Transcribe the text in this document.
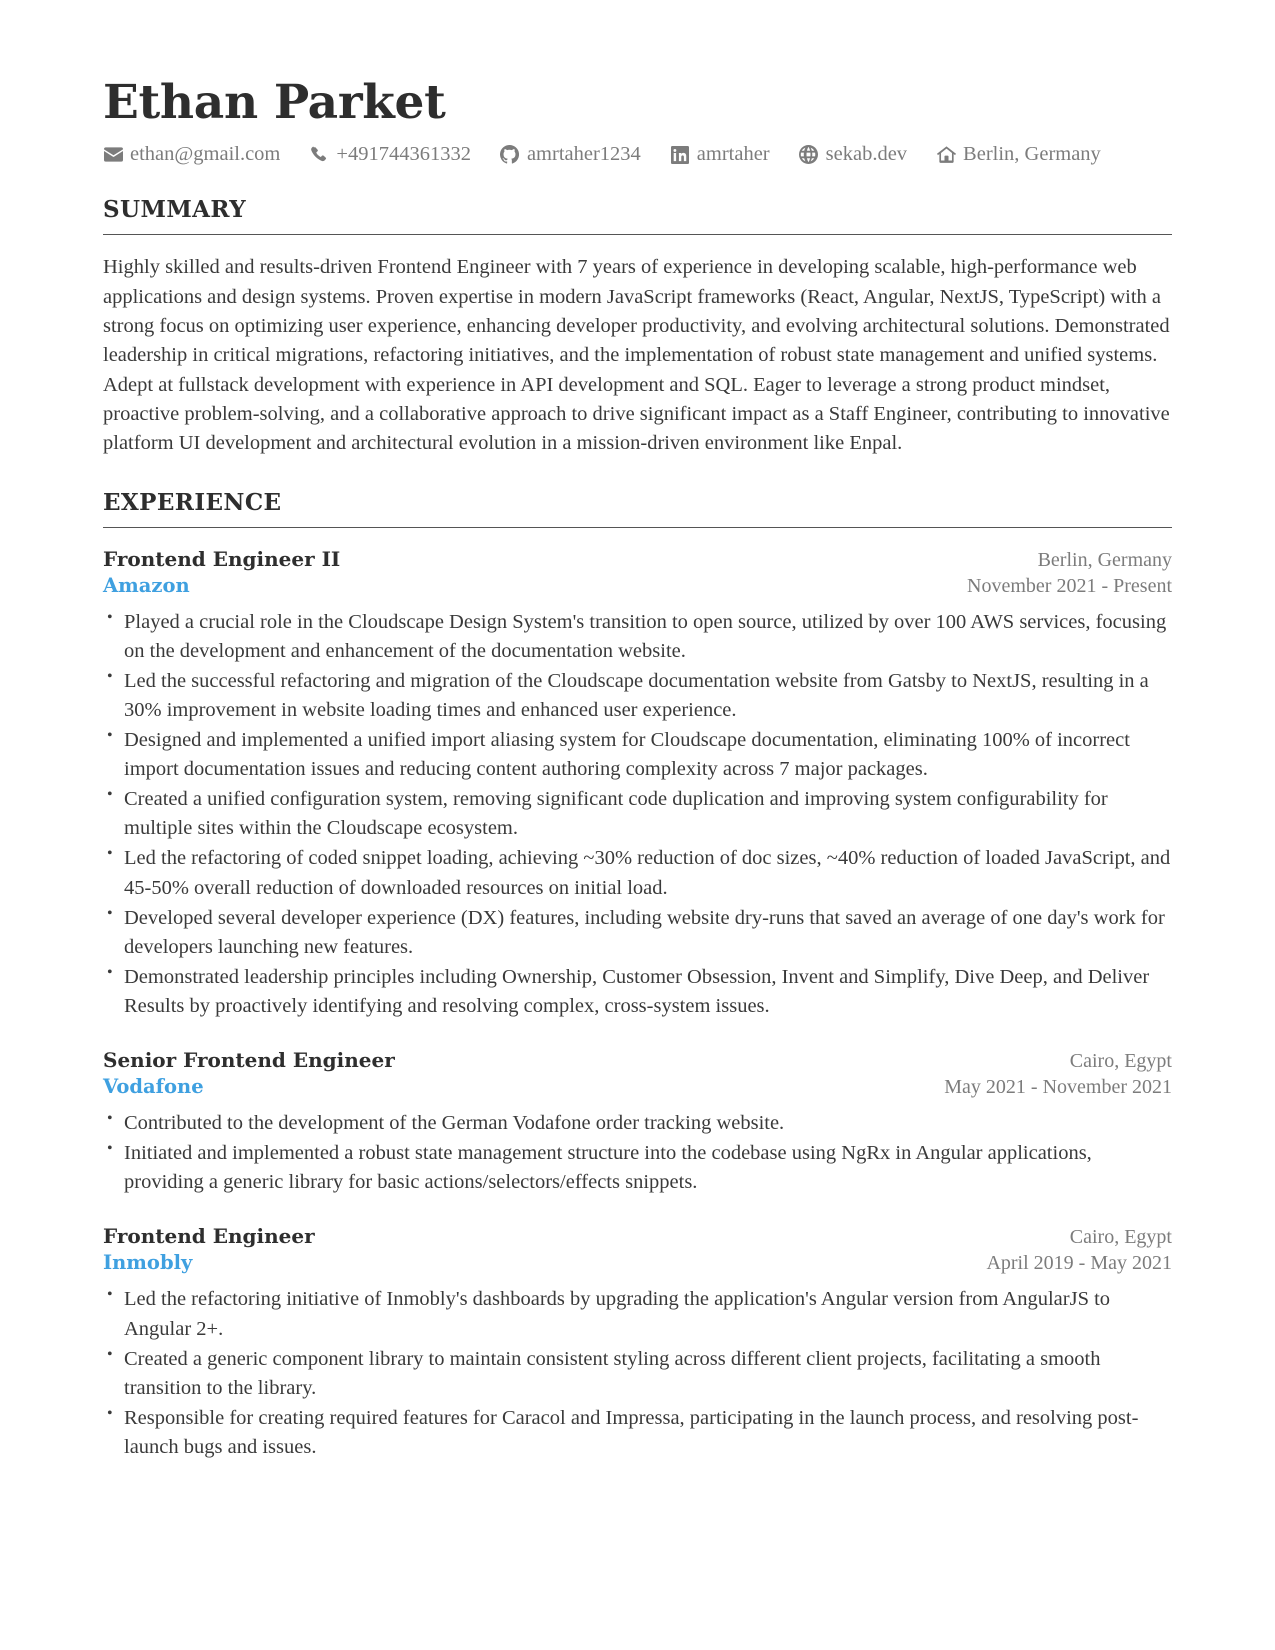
Ethan Parket
ethan@gmail.com	+491744361332	amrtaher1234	amrtaher	sekab.dev	Berlin, Germany
SUMMARY

Highly skilled and results-driven Frontend Engineer with 7 years of experience in developing scalable, high-performance web applications and design systems. Proven expertise in modern JavaScript frameworks (React, Angular, NextJS, TypeScript) with a strong focus on optimizing user experience, enhancing developer productivity, and evolving architectural solutions. Demonstrated leadership in critical migrations, refactoring initiatives, and the implementation of robust state management and unified systems. Adept at fullstack development with experience in API development and SQL. Eager to leverage a strong product mindset, proactive problem-solving, and a collaborative approach to drive significant impact as a Staff Engineer, contributing to innovative platform UI development and architectural evolution in a mission-driven environment like Enpal.

EXPERIENCE
Frontend Engineer II	Berlin, Germany
Amazon	November 2021 - Present
• Played a crucial role in the Cloudscape Design System's transition to open source, utilized by over 100 AWS services, focusing on the development and enhancement of the documentation website.
• Led the successful refactoring and migration of the Cloudscape documentation website from Gatsby to NextJS, resulting in a 30% improvement in website loading times and enhanced user experience.
• Designed and implemented a unified import aliasing system for Cloudscape documentation, eliminating 100% of incorrect import documentation issues and reducing content authoring complexity across 7 major packages.
• Created a unified configuration system, removing significant code duplication and improving system configurability for multiple sites within the Cloudscape ecosystem.
• Led the refactoring of coded snippet loading, achieving ~30% reduction of doc sizes, ~40% reduction of loaded JavaScript, and 45-50% overall reduction of downloaded resources on initial load.
• Developed several developer experience (DX) features, including website dry-runs that saved an average of one day's work for developers launching new features.
• Demonstrated leadership principles including Ownership, Customer Obsession, Invent and Simplify, Dive Deep, and Deliver Results by proactively identifying and resolving complex, cross-system issues.
Senior Frontend Engineer	Cairo, Egypt
Vodafone	May 2021 - November 2021
• Contributed to the development of the German Vodafone order tracking website.
• Initiated and implemented a robust state management structure into the codebase using NgRx in Angular applications, providing a generic library for basic actions/selectors/effects snippets.
Frontend Engineer	Cairo, Egypt
Inmobly	April 2019 - May 2021
• Led the refactoring initiative of Inmobly's dashboards by upgrading the application's Angular version from AngularJS to Angular 2+.
• Created a generic component library to maintain consistent styling across different client projects, facilitating a smooth transition to the library.
• Responsible for creating required features for Caracol and Impressa, participating in the launch process, and resolving post-launch bugs and issues.
